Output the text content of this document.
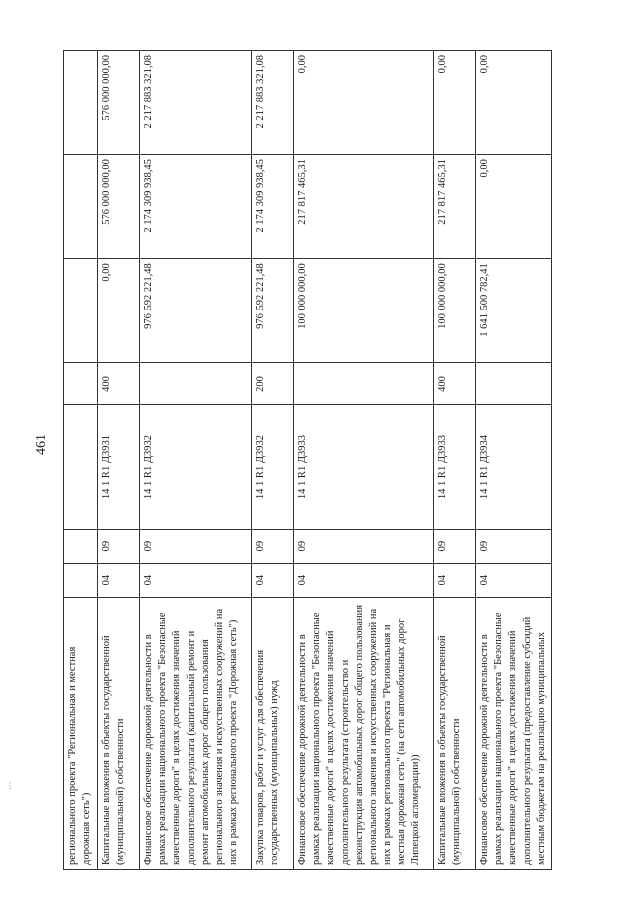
461
•••	регионального проекта "Региональная и местная дорожная сеть")							
Капитальные вложения в объекты государственной (муниципальной) собственности	04	09	14 1 R1 Д3931	400	0,00	576 000 000,00	576 000 000,00
Финансовое обеспечение дорожной деятельности в рамках реализации национального проекта "Безопасные качественные дороги" в целях достижения значений дополнительного результата (капитальный ремонт и ремонт автомобильных дорог общего пользования регионального значения и искусственных сооружений на них в рамках регионального проекта "Дорожная сеть")	04	09	14 1 R1 Д3932		976 592 221,48	2 174 309 938,45	2 217 883 321,08
Закупка товаров, работ и услуг для обеспечения государственных (муниципальных) нужд	04	09	14 1 R1 Д3932	200	976 592 221,48	2 174 309 938,45	2 217 883 321,08
Финансовое обеспечение дорожной деятельности в рамках реализации национального проекта "Безопасные качественные дороги" в целях достижения значений дополнительного результата (строительство и реконструкция автомобильных дорог общего пользования регионального значения и искусственных сооружений на них в рамках регионального проекта "Региональная и местная дорожная сеть" (на сети автомобильных дорог Липецкой агломерации))	04	09	14 1 R1 Д3933		100 000 000,00	217 817 465,31	0,00
Капитальные вложения в объекты государственной (муниципальной) собственности	04	09	14 1 R1 Д3933	400	100 000 000,00	217 817 465,31	0,00
Финансовое обеспечение дорожной деятельности в рамках реализации национального проекта "Безопасные качественные дороги" в целях достижения значений дополнительного результата (предоставление субсидий местным бюджетам на реализацию муниципальных	04	09	14 1 R1 Д3934		1 641 500 782,41	0,00	0,00
